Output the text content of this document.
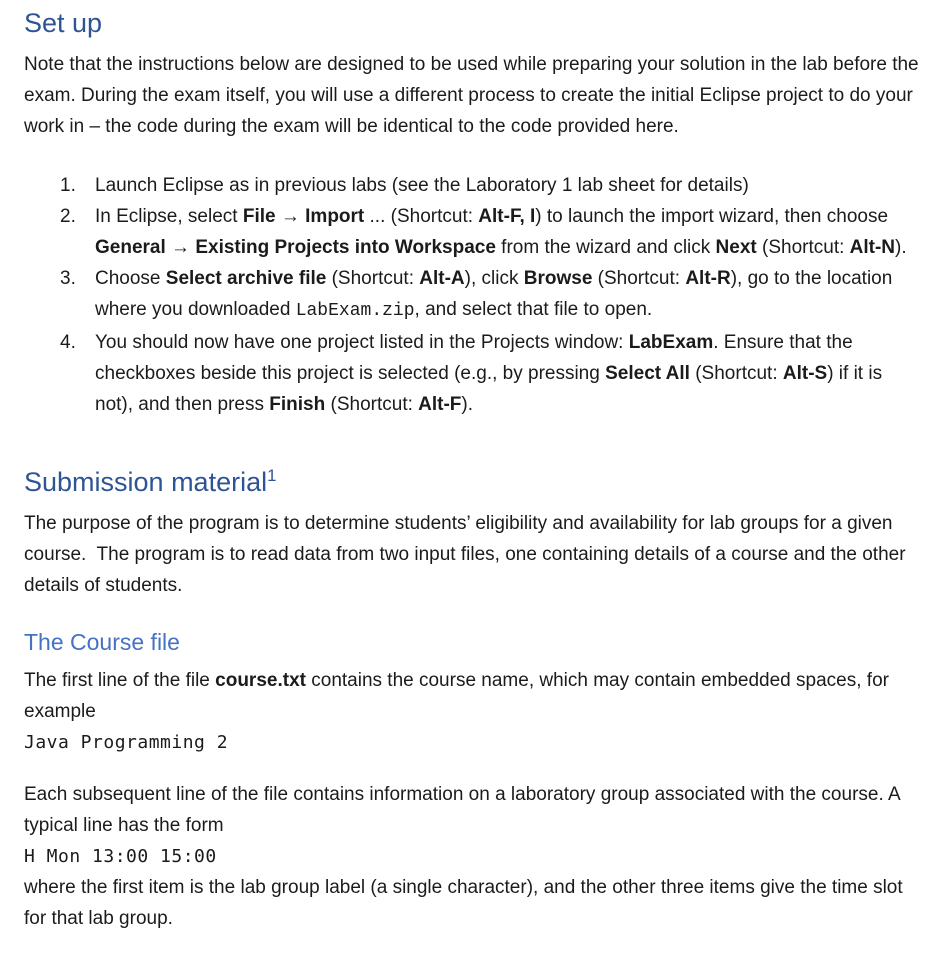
Set up

Note that the instructions below are designed to be used while preparing your solution in the lab before the exam. During the exam itself, you will use a different process to create the initial Eclipse project to do your work in – the code during the exam will be identical to the code provided here.

1.	Launch Eclipse as in previous labs (see the Laboratory 1 lab sheet for details)
2.	In Eclipse, select File → Import ... (Shortcut: Alt-F, I) to launch the import wizard, then choose General → Existing Projects into Workspace from the wizard and click Next (Shortcut: Alt-N).
3.	Choose Select archive file (Shortcut: Alt-A), click Browse (Shortcut: Alt-R), go to the location where you downloaded LabExam.zip, and select that file to open.
4.	You should now have one project listed in the Projects window: LabExam. Ensure that the checkboxes beside this project is selected (e.g., by pressing Select All (Shortcut: Alt-S) if it is not), and then press Finish (Shortcut: Alt-F).
Submission material$^1$

The purpose of the program is to determine students’ eligibility and availability for lab groups for a given course.  The program is to read data from two input files, one containing details of a course and the other details of students.

The Course file

The first line of the file course.txt contains the course name, which may contain embedded spaces, for example

Java Programming 2

Each subsequent line of the file contains information on a laboratory group associated with the course. A typical line has the form

H Mon 13:00 15:00

where the first item is the lab group label (a single character), and the other three items give the time slot for that lab group.
